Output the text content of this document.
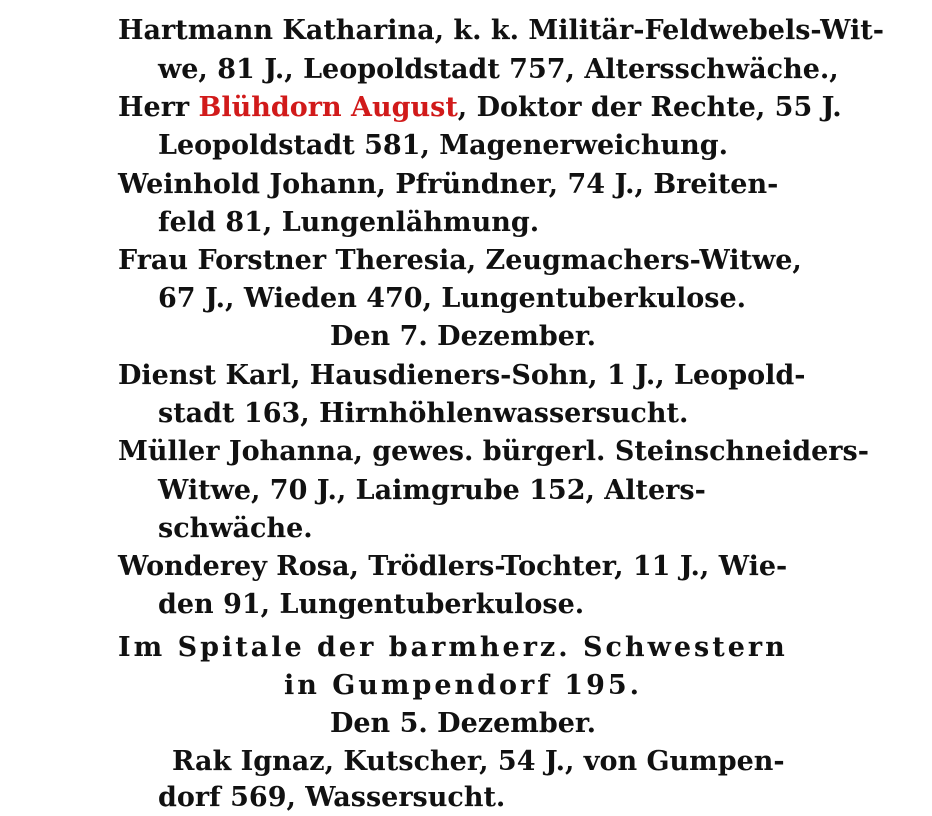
Hartmann Katharina, k. k. Militär-Feldwebels-Wit-
we, 81 J., Leopoldstadt 757, Altersschwäche.,
Herr Blühdorn August, Doktor der Rechte, 55 J.
Leopoldstadt 581, Magenerweichung.
Weinhold Johann, Pfründner, 74 J., Breiten-
feld 81, Lungenlähmung.
Frau Forstner Theresia, Zeugmachers-Witwe,
67 J., Wieden 470, Lungentuberkulose.
Den 7. Dezember.
Dienst Karl, Hausdieners-Sohn, 1 J., Leopold-
stadt 163, Hirnhöhlenwassersucht.
Müller Johanna, gewes. bürgerl. Steinschneiders-
Witwe, 70 J., Laimgrube 152, Alters-
schwäche.
Wonderey Rosa, Trödlers-Tochter, 11 J., Wie-
den 91, Lungentuberkulose.
Im Spitale der barmherz. Schwestern
in Gumpendorf 195.
Den 5. Dezember.
Rak Ignaz, Kutscher, 54 J., von Gumpen-
dorf 569, Wassersucht.
